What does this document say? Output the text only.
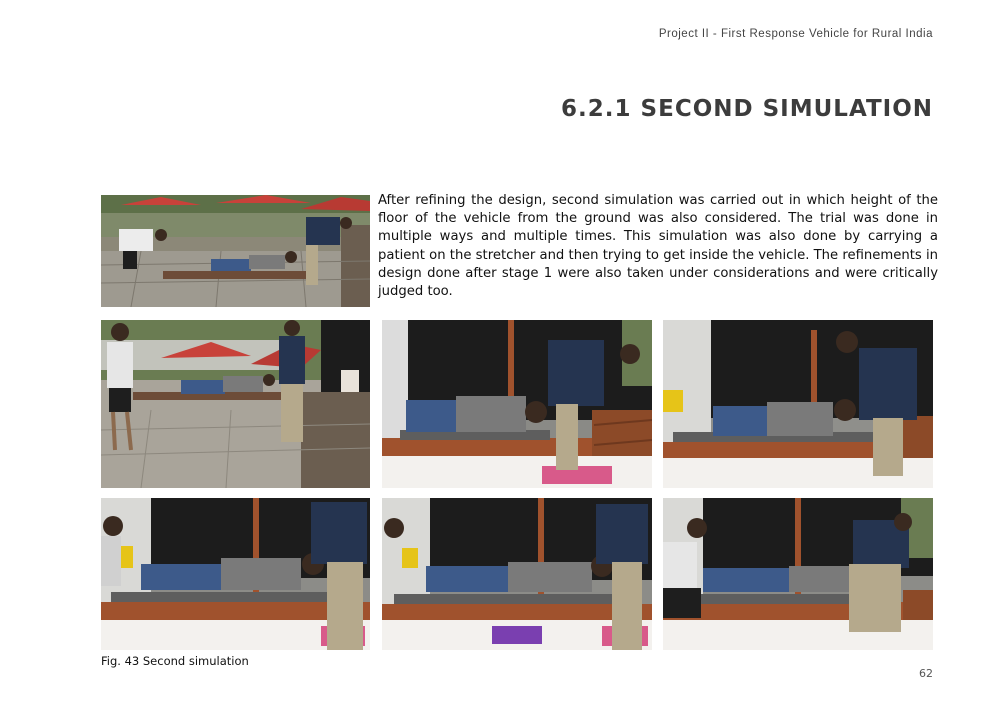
Project II - First Response Vehicle for Rural India
6.2.1 SECOND SIMULATION
After refining the design, second simulation was carried out in which height of the floor of the vehicle from the ground was also considered. The trial was done in multiple ways and multiple times. This simulation was also done by carrying a patient on the stretcher and then trying to get inside the vehicle. The refinements in design done after stage 1 were also taken under considerations and were critically judged too.
Fig. 43 Second simulation
62
